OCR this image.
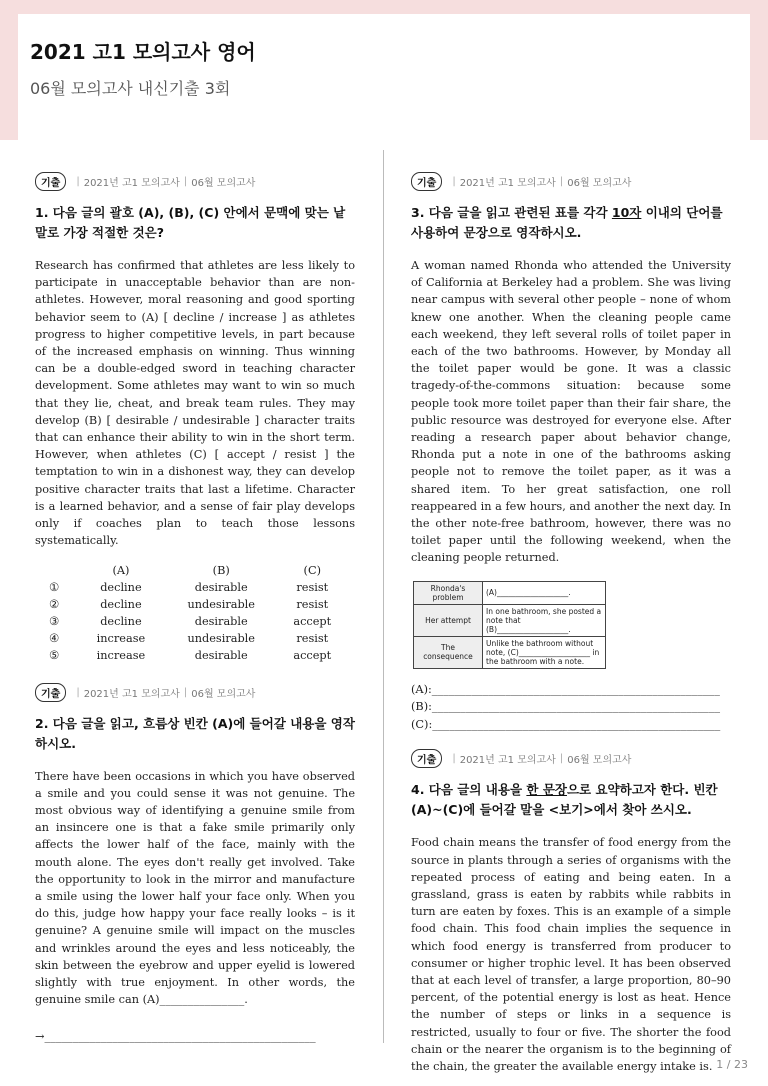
2021 고1 모의고사 영어
06월 모의고사 내신기출 3회
기출	| 2021년 고1 모의고사 | 06월 모의고사
1. 다음 글의 괄호 (A), (B), (C) 안에서 문맥에 맞는 낱말로 가장 적절한 것은?
Research has confirmed that athletes are less likely to participate in unacceptable behavior than are non-athletes. However, moral reasoning and good sporting behavior seem to (A) [ decline / increase ] as athletes progress to higher competitive levels, in part because of the increased emphasis on winning. Thus winning can be a double-edged sword in teaching character development. Some athletes may want to win so much that they lie, cheat, and break team rules. They may develop (B) [ desirable / undesirable ] character traits that can enhance their ability to win in the short term. However, when athletes (C) [ accept / resist ] the temptation to win in a dishonest way, they can develop positive character traits that last a lifetime. Character is a learned behavior, and a sense of fair play develops only if coaches plan to teach those lessons systematically.
	(A)	(B)	(C)
①	decline	desirable	resist
②	decline	undesirable	resist
③	decline	desirable	accept
④	increase	undesirable	resist
⑤	increase	desirable	accept
기출	| 2021년 고1 모의고사 | 06월 모의고사
2. 다음 글을 읽고, 흐름상 빈칸 (A)에 들어갈 내용을 영작하시오.
There have been occasions in which you have observed a smile and you could sense it was not genuine. The most obvious way of identifying a genuine smile from an insincere one is that a fake smile primarily only affects the lower half of the face, mainly with the mouth alone. The eyes don't really get involved. Take the opportunity to look in the mirror and manufacture a smile using the lower half your face only. When you do this, judge how happy your face really looks – is it genuine? A genuine smile will impact on the muscles and wrinkles around the eyes and less noticeably, the skin between the eyebrow and upper eyelid is lowered slightly with true enjoyment. In other words, the genuine smile can (A)_______________.
→________________________________________________
기출	| 2021년 고1 모의고사 | 06월 모의고사
3. 다음 글을 읽고 관련된 표를 각각 10자 이내의 단어를 사용하여 문장으로 영작하시오.
A woman named Rhonda who attended the University of California at Berkeley had a problem. She was living near campus with several other people – none of whom knew one another. When the cleaning people came each weekend, they left several rolls of toilet paper in each of the two bathrooms. However, by Monday all the toilet paper would be gone. It was a classic tragedy-of-the-commons situation: because some people took more toilet paper than their fair share, the public resource was destroyed for everyone else. After reading a research paper about behavior change, Rhonda put a note in one of the bathrooms asking people not to remove the toilet paper, as it was a shared item. To her great satisfaction, one roll reappeared in a few hours, and another the next day. In the other note-free bathroom, however, there was no toilet paper until the following weekend, when the cleaning people returned.
Rhonda's problem	(A)___________________.
Her attempt	In one bathroom, she posted a note that (B)___________________.
The consequence	Unlike the bathroom without note, (C)___________________ in the bathroom with a note.
(A):___________________________________________________
(B):___________________________________________________
(C):___________________________________________________
기출	| 2021년 고1 모의고사 | 06월 모의고사
4. 다음 글의 내용을 한 문장으로 요약하고자 한다. 빈칸 (A)~(C)에 들어갈 말을 <보기>에서 찾아 쓰시오.
Food chain means the transfer of food energy from the source in plants through a series of organisms with the repeated process of eating and being eaten. In a grassland, grass is eaten by rabbits while rabbits in turn are eaten by foxes. This is an example of a simple food chain. This food chain implies the sequence in which food energy is transferred from producer to consumer or higher trophic level. It has been observed that at each level of transfer, a large proportion, 80–90 percent, of the potential energy is lost as heat. Hence the number of steps or links in a sequence is restricted, usually to four or five. The shorter the food chain or the nearer the organism is to the beginning of the chain, the greater the available energy intake is. 1 / 23
